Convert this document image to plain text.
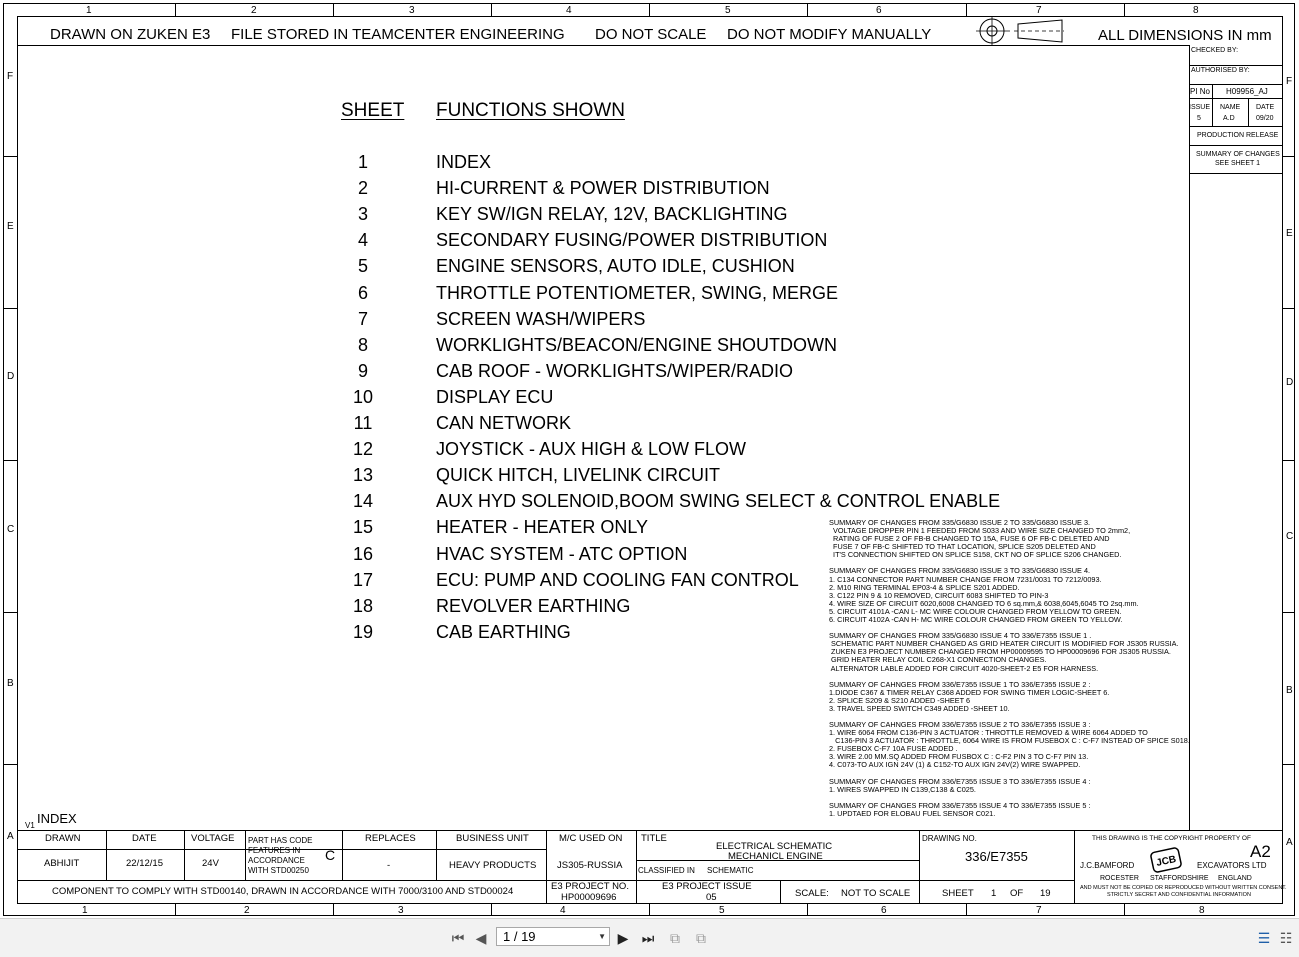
1	2	3	4	5	6	7	8
1	2	3	4	5	6	7	8
F
E
D
C
B
A
F
E
D
C
B
A
DRAWN ON ZUKEN E3 FILE STORED IN TEAMCENTER ENGINEERING DO NOT SCALE DO NOT MODIFY MANUALLY	ALL DIMENSIONS IN mm
CHECKED BY:
AUTHORISED BY:
PI No H09956_AJ
ISSUE NAME DATE
5	A.D	09/20
PRODUCTION RELEASE
SUMMARY OF CHANGES
SEE SHEET 1
SHEET FUNCTIONS SHOWN
1	INDEX
2	HI-CURRENT & POWER DISTRIBUTION
3	KEY SW/IGN RELAY, 12V, BACKLIGHTING
4	SECONDARY FUSING/POWER DISTRIBUTION
5	ENGINE SENSORS, AUTO IDLE, CUSHION
6	THROTTLE POTENTIOMETER, SWING, MERGE
7	SCREEN WASH/WIPERS
8	WORKLIGHTS/BEACON/ENGINE SHOUTDOWN
9	CAB ROOF - WORKLIGHTS/WIPER/RADIO
10	DISPLAY ECU
11	CAN NETWORK
12	JOYSTICK - AUX HIGH & LOW FLOW
13	QUICK HITCH, LIVELINK CIRCUIT
14	AUX HYD SOLENOID,BOOM SWING SELECT & CONTROL ENABLE
15	HEATER - HEATER ONLY
16	HVAC SYSTEM - ATC OPTION
17	ECU: PUMP AND COOLING FAN CONTROL
18	REVOLVER EARTHING
19	CAB EARTHING
SUMMARY OF CHANGES FROM 335/G6830 ISSUE 2 TO 335/G6830 ISSUE 3.
VOLTAGE DROPPER PIN 1 FEEDED FROM S033 AND WIRE SIZE CHANGED TO 2mm2,
RATING OF FUSE 2 OF FB-B CHANGED TO 15A, FUSE 6 OF FB-C DELETED AND
FUSE 7 OF FB-C SHIFTED TO THAT LOCATION, SPLICE S205 DELETED AND
IT'S CONNECTION SHIFTED ON SPLICE S158, CKT NO OF SPLICE S206 CHANGED.
SUMMARY OF CHANGES FROM 335/G6830 ISSUE 3 TO 335/G6830 ISSUE 4.
1. C134 CONNECTOR PART NUMBER CHANGE FROM 7231/0031 TO 7212/0093.
2. M10 RING TERMINAL EP03-4 & SPLICE S201 ADDED.
3. C122 PIN 9 & 10 REMOVED, CIRCUIT 6083 SHIFTED TO PIN-3
4. WIRE SIZE OF CIRCUIT 6020,6008 CHANGED TO 6 sq.mm,& 6038,6045,6045 TO 2sq.mm.
5. CIRCUIT 4101A -CAN L- MC WIRE COLOUR CHANGED FROM YELLOW TO GREEN.
6. CIRCUIT 4102A -CAN H- MC WIRE COLOUR CHANGED FROM GREEN TO YELLOW.
SUMMARY OF CHANGES FROM 335/G6830 ISSUE 4 TO 336/E7355 ISSUE 1 .
SCHEMATIC PART NUMBER CHANGED AS GRID HEATER CIRCUIT IS MODIFIED FOR JS305 RUSSIA.
ZUKEN E3 PROJECT NUMBER CHANGED FROM HP00009595 TO HP00009696 FOR JS305 RUSSIA.
GRID HEATER RELAY COIL C268-X1 CONNECTION CHANGES.
ALTERNATOR LABLE ADDED FOR CIRCUIT 4020-SHEET-2 E5 FOR HARNESS.
SUMMARY OF CAHNGES FROM 336/E7355 ISSUE 1 TO 336/E7355 ISSUE 2 :
1.DIODE C367 & TIMER RELAY C368 ADDED FOR SWING TIMER LOGIC-SHEET 6.
2. SPLICE S209 & S210 ADDED -SHEET 6
3. TRAVEL SPEED SWITCH C349 ADDED -SHEET 10.
SUMMARY OF CAHNGES FROM 336/E7355 ISSUE 2 TO 336/E7355 ISSUE 3 :
1. WIRE 6064 FROM C136-PIN 3 ACTUATOR : THROTTLE REMOVED & WIRE 6064 ADDED TO
C136-PIN 3 ACTUATOR : THROTTLE, 6064 WIRE IS FROM FUSEBOX C : C-F7 INSTEAD OF SPICE S018.
2. FUSEBOX C-F7 10A FUSE ADDED .
3. WIRE 2.00 MM.SQ ADDED FROM FUSBOX C : C-F2 PIN 3 TO C-F7 PIN 13.
4. C073-TO AUX IGN 24V (1) & C152-TO AUX IGN 24V(2) WIRE SWAPPED.
SUMMARY OF CHANGES FROM 336/E7355 ISSUE 3 TO 336/E7355 ISSUE 4 :
1. WIRES SWAPPED IN C139,C138 & C025.
SUMMARY OF CHANGES FROM 336/E7355 ISSUE 4 TO 336/E7355 ISSUE 5 :
1. UPDTAED FOR ELOBAU FUEL SENSOR C021.
V1 INDEX
DRAWN
ABHIJIT
DATE
22/12/15
VOLTAGE
24V
PART HAS CODE
FEATURES IN
ACCORDANCE
WITH STD00250
C
REPLACES
-
BUSINESS UNIT
HEAVY PRODUCTS
M/C USED ON
JS305-RUSSIA
TITLE
ELECTRICAL SCHEMATIC
MECHANICL ENGINE
CLASSIFIED IN SCHEMATIC
DRAWING NO.
336/E7355
THIS DRAWING IS THE COPYRIGHT PROPERTY OF
A2
J.C.BAMFORD JCB EXCAVATORS LTD
ROCESTER STAFFORDSHIRE ENGLAND
AND MUST NOT BE COPIED OR REPRODUCED WITHOUT WRITTEN CONSENT.
STRICTLY SECRET AND CONFIDENTIAL INFORMATION
COMPONENT TO COMPLY WITH STD00140, DRAWN IN ACCORDANCE WITH 7000/3100 AND STD00024	E3 PROJECT NO.
HP00009696
E3 PROJECT ISSUE
05	SCALE: NOT TO SCALE	SHEET 1 OF 19
⏮ ◀	▶ ⏭ ⧉ ⧉	☰ ☷
1 / 19	▼
